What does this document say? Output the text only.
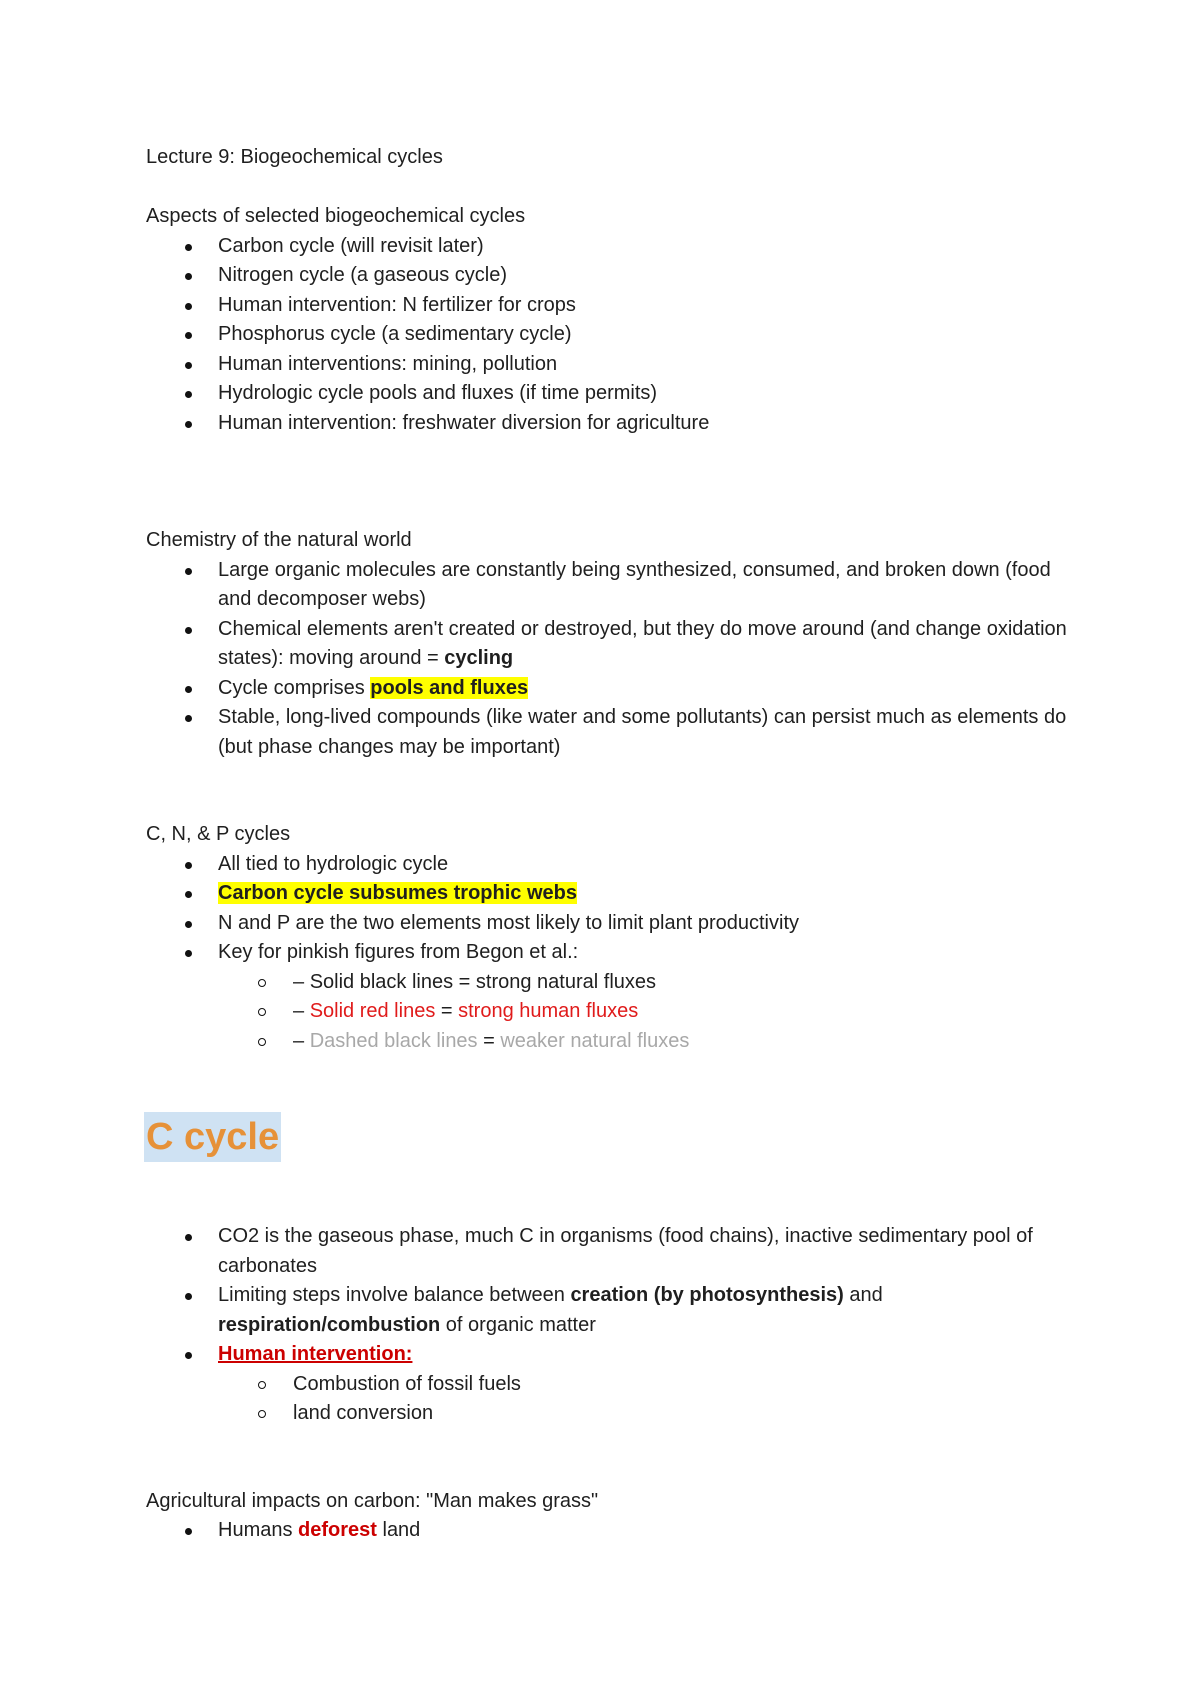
Lecture 9: Biogeochemical cycles

Aspects of selected biogeochemical cycles

Carbon cycle (will revisit later)
Nitrogen cycle (a gaseous cycle)
Human intervention: N fertilizer for crops
Phosphorus cycle (a sedimentary cycle)
Human interventions: mining, pollution
Hydrologic cycle pools and fluxes (if time permits)
Human intervention: freshwater diversion for agriculture

Chemistry of the natural world

Large organic molecules are constantly being synthesized, consumed, and broken down (food and decomposer webs)
Chemical elements aren't created or destroyed, but they do move around (and change oxidation states): moving around = cycling
Cycle comprises pools and fluxes
Stable, long-lived compounds (like water and some pollutants) can persist much as elements do (but phase changes may be important)

C, N, & P cycles

All tied to hydrologic cycle
Carbon cycle subsumes trophic webs
N and P are the two elements most likely to limit plant productivity
Key for pinkish figures from Begon et al.:
– Solid black lines = strong natural fluxes
– Solid red lines = strong human fluxes
– Dashed black lines = weaker natural fluxes
C cycle
CO2 is the gaseous phase, much C in organisms (food chains), inactive sedimentary pool of carbonates
Limiting steps involve balance between creation (by photosynthesis) and respiration/combustion of organic matter
Human intervention:
Combustion of fossil fuels
land conversion

Agricultural impacts on carbon: "Man makes grass"

Humans deforest land
